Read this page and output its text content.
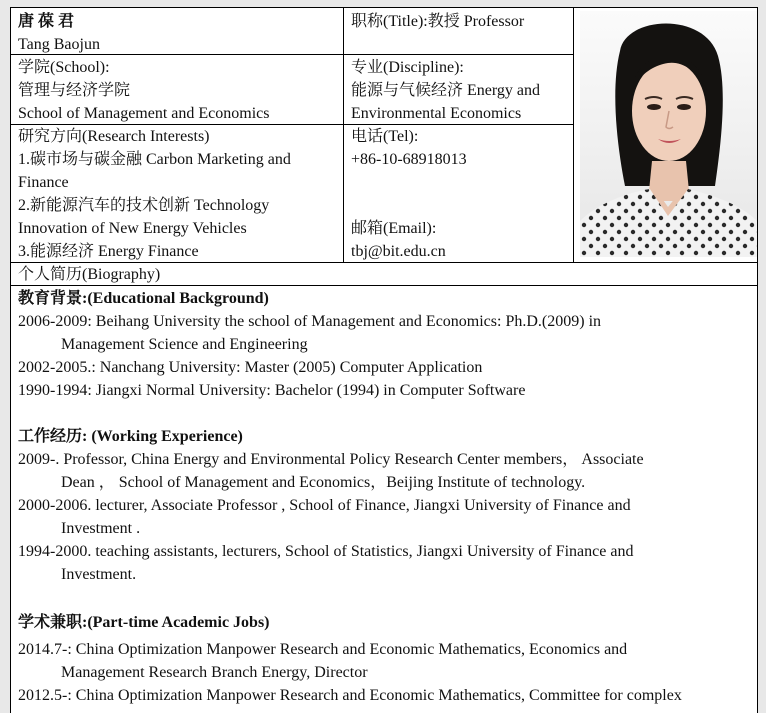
唐 葆 君
Tang Baojun
职称(Title):教授 Professor
学院(School):
管理与经济学院
School of Management and Economics
专业(Discipline):
能源与气候经济 Energy and
Environmental Economics
研究方向(Research Interests)
1.碳市场与碳金融 Carbon Marketing and
Finance
2.新能源汽车的技术创新 Technology
Innovation of New Energy Vehicles
3.能源经济 Energy Finance
电话(Tel):
+86-10-68918013
邮箱(Email):
tbj@bit.edu.cn
个人简历(Biography)
教育背景:(Educational Background)
2006-2009: Beihang University the school of Management and Economics: Ph.D.(2009) in
Management Science and Engineering
2002-2005.: Nanchang University: Master (2005) Computer Application
1990-1994: Jiangxi Normal University: Bachelor (1994) in Computer Software
工作经历: (Working Experience)
2009-. Professor, China Energy and Environmental Policy Research Center members， Associate
Dean ， School of Management and Economics，Beijing Institute of technology.
2000-2006. lecturer, Associate Professor , School of Finance, Jiangxi University of Finance and
Investment .
1994-2000. teaching assistants, lecturers, School of Statistics, Jiangxi University of Finance and
Investment.
学术兼职:(Part-time Academic Jobs)
2014.7-: China Optimization Manpower Research and Economic Mathematics, Economics and
Management Research Branch Energy, Director
2012.5-: China Optimization Manpower Research and Economic Mathematics, Committee for complex
